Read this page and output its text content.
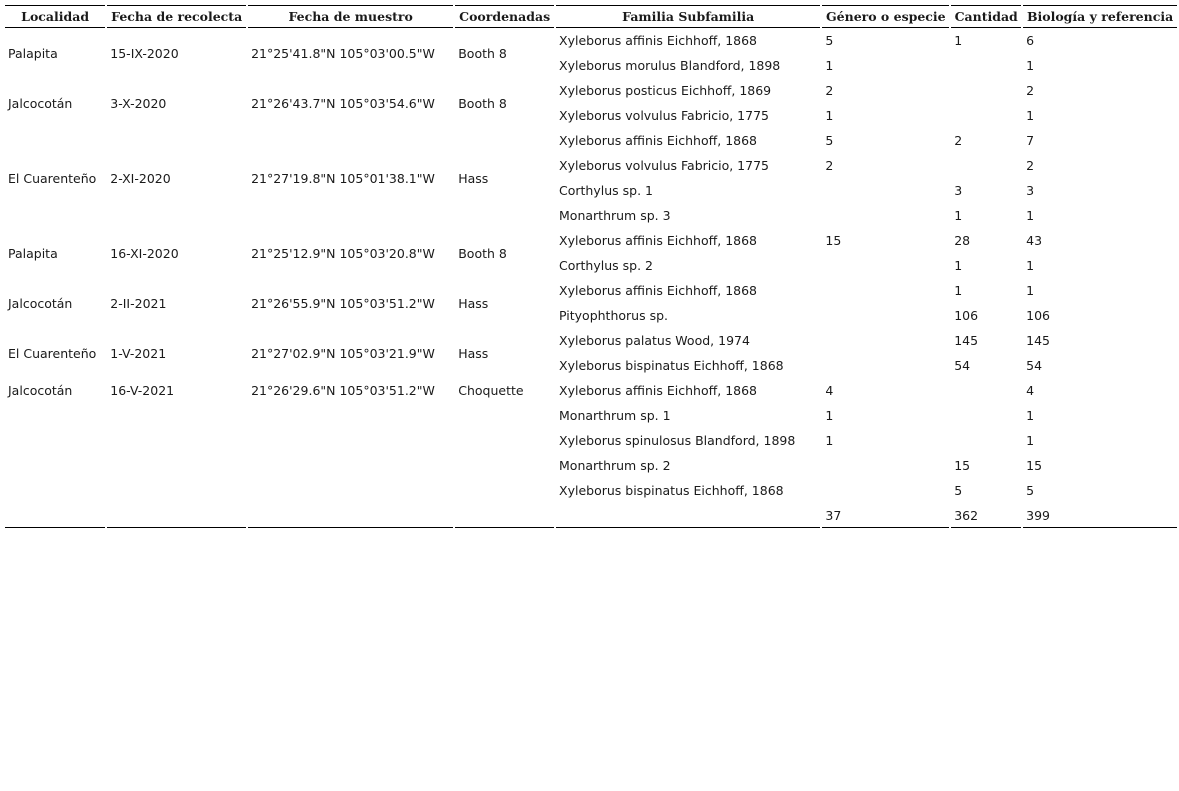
Localidad	Fecha de recolecta	Fecha de muestro	Coordenadas	Familia Subfamilia	Género o especie	Cantidad	Biología y referencia
Palapita	15-IX-2020	21°25'41.8"N 105°03'00.5"W	Booth 8	Xyleborus affinis Eichhoff, 1868	5	1	6
				Xyleborus morulus Blandford, 1898	1		1
Jalcocotán	3-X-2020	21°26'43.7"N 105°03'54.6"W	Booth 8	Xyleborus posticus Eichhoff, 1869	2		2
				Xyleborus volvulus Fabricio, 1775	1		1
El Cuarenteño	2-XI-2020	21°27'19.8"N 105°01'38.1"W	Hass	Xyleborus affinis Eichhoff, 1868	5	2	7
				Xyleborus volvulus Fabricio, 1775	2		2
				Corthylus sp. 1		3	3
				Monarthrum sp. 3		1	1
Palapita	16-XI-2020	21°25'12.9"N 105°03'20.8"W	Booth 8	Xyleborus affinis Eichhoff, 1868	15	28	43
				Corthylus sp. 2		1	1
Jalcocotán	2-II-2021	21°26'55.9"N 105°03'51.2"W	Hass	Xyleborus affinis Eichhoff, 1868		1	1
				Pityophthorus sp.		106	106
El Cuarenteño	1-V-2021	21°27'02.9"N 105°03'21.9"W	Hass	Xyleborus palatus Wood, 1974		145	145
				Xyleborus bispinatus Eichhoff, 1868		54	54
Jalcocotán	16-V-2021	21°26'29.6"N 105°03'51.2"W	Choquette	Xyleborus affinis Eichhoff, 1868	4		4
				Monarthrum sp. 1	1		1
				Xyleborus spinulosus Blandford, 1898	1		1
				Monarthrum sp. 2		15	15
				Xyleborus bispinatus Eichhoff, 1868		5	5
					37	362	399
